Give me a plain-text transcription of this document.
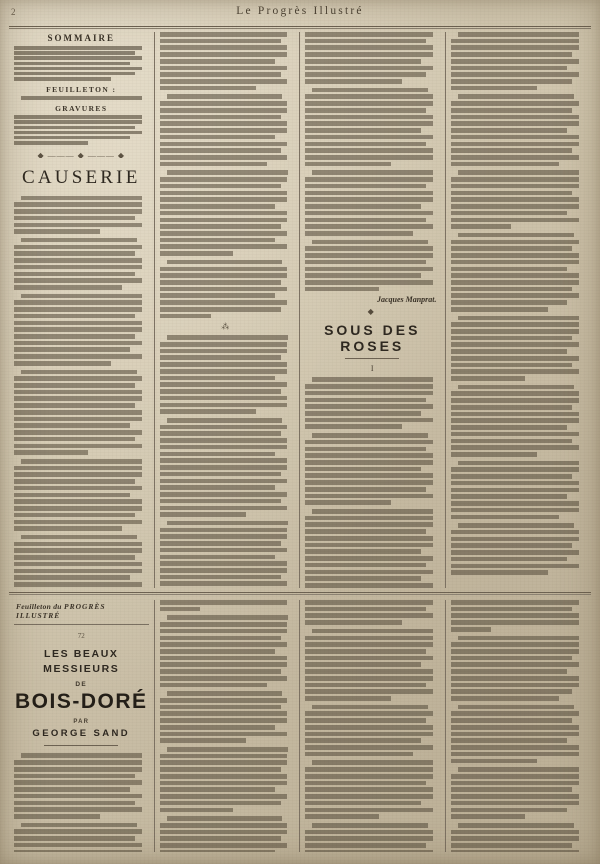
2	Le Progrès Illustré
SOMMAIRE
FEUILLETON :
GRAVURES
◆ ——— ◆ ——— ◆
CAUSERIE
⁂
Jacques Manprat.
◆
SOUS DES ROSES
I
Feuilleton du PROGRÈS ILLUSTRÉ
72
LES BEAUX MESSIEURS
DE
BOIS-DORÉ
PAR
GEORGE SAND
